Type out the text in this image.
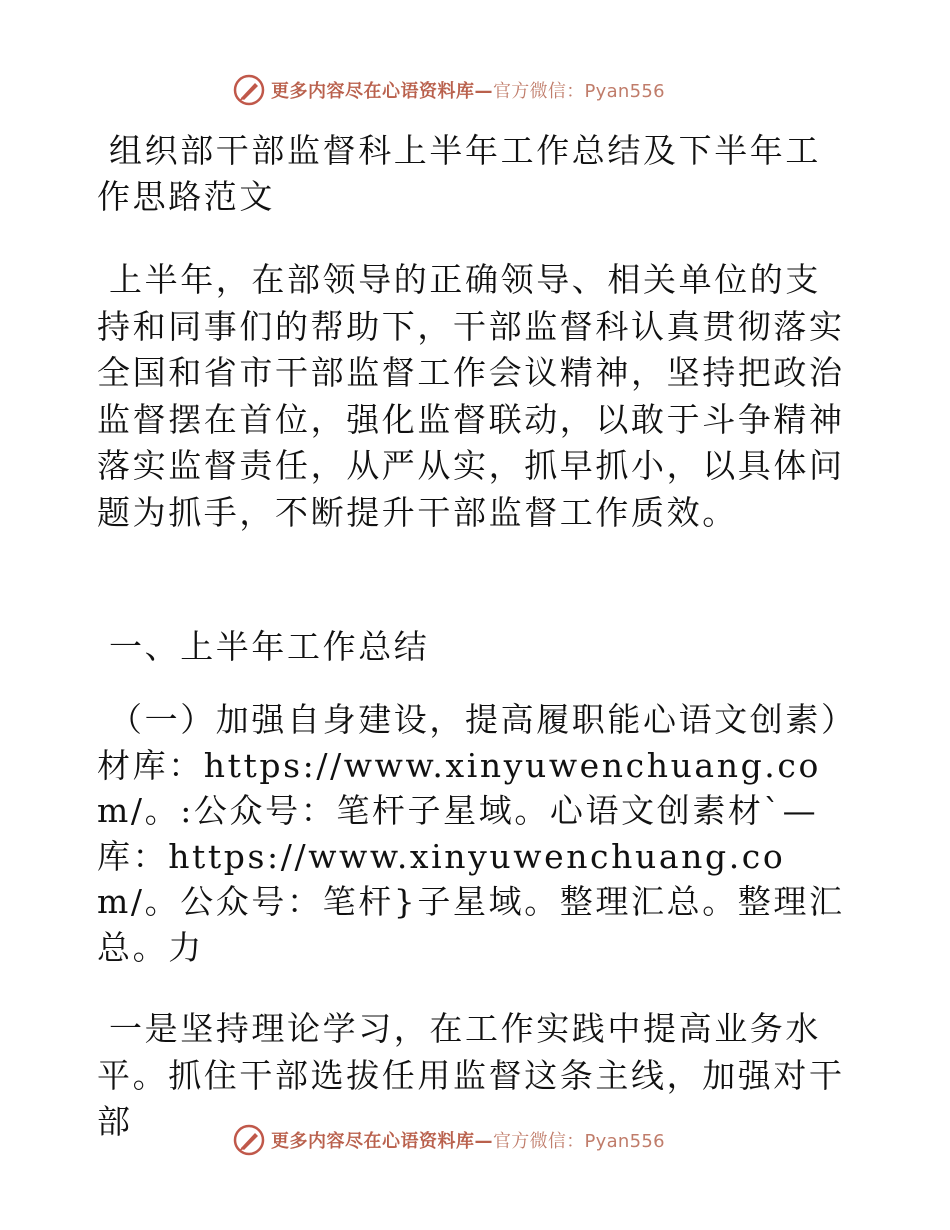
更多内容尽在心语资料库— 官方微信：Pyan556

组织部干部监督科上半年工作总结及下半年工作思路范文

上半年，在部领导的正确领导、相关单位的支持和同事们的帮助下，干部监督科认真贯彻落实全国和省市干部监督工作会议精神，坚持把政治监督摆在首位，强化监督联动，以敢于斗争精神落实监督责任，从严从实，抓早抓小，以具体问题为抓手，不断提升干部监督工作质效。

一、上半年工作总结

（一）加强自身建设，提高履职能心语文创素）材库：https://www.xinyuwenchuang.com/。:公众号：笔杆子星域。心语文创素材`—库：https://www.xinyuwenchuang.com/。公众号：笔杆}子星域。整理汇总。整理汇总。力

一是坚持理论学习，在工作实践中提高业务水平。抓住干部选拔任用监督这条主线，加强对干部

更多内容尽在心语资料库— 官方微信：Pyan556
